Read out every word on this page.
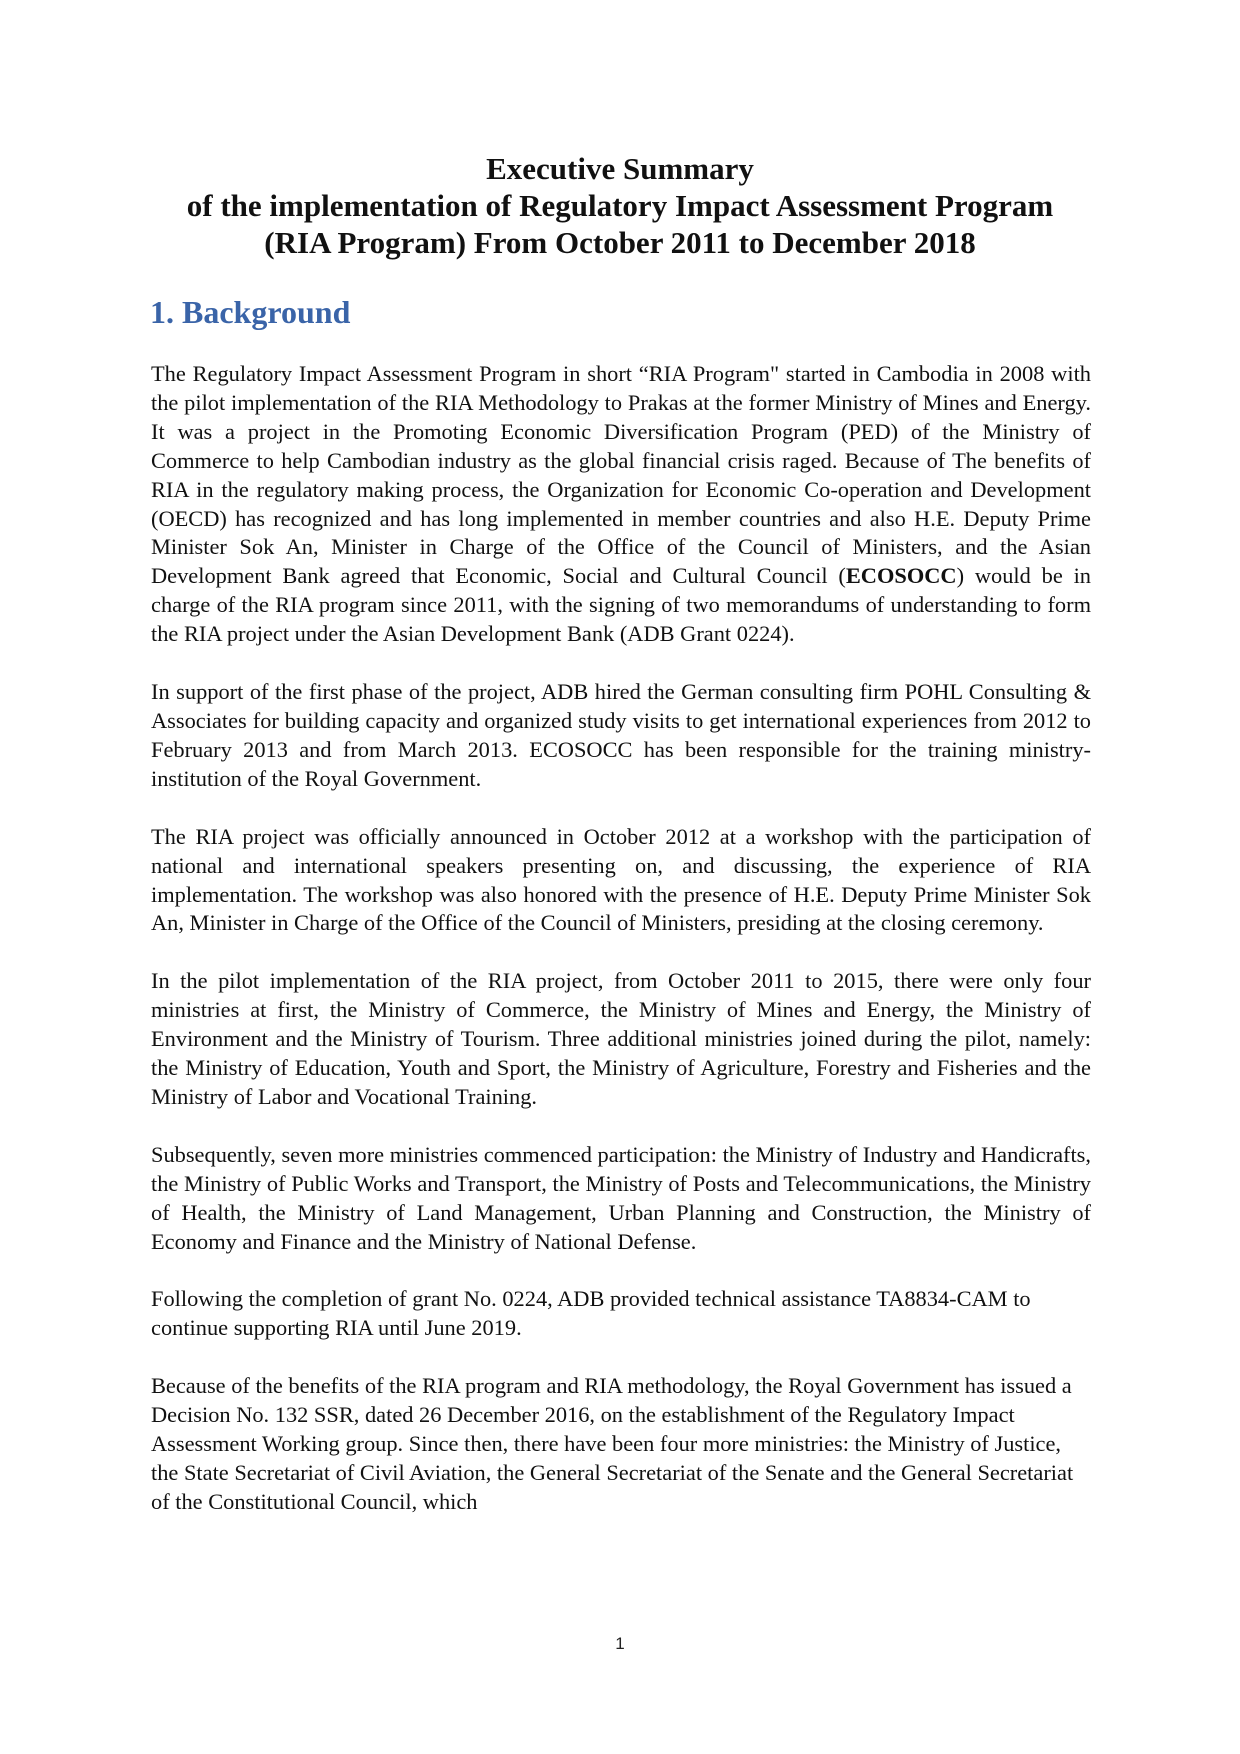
Executive Summary
of the implementation of Regulatory Impact Assessment Program
(RIA Program) From October 2011 to December 2018
1. Background

The Regulatory Impact Assessment Program in short “RIA Program" started in Cambodia in 2008 with the pilot implementation of the RIA Methodology to Prakas at the former Ministry of Mines and Energy. It was a project in the Promoting Economic Diversification Program (PED) of the Ministry of Commerce to help Cambodian industry as the global financial crisis raged. Because of The benefits of RIA in the regulatory making process, the Organization for Economic Co-operation and Development (OECD) has recognized and has long implemented in member countries and also H.E. Deputy Prime Minister Sok An, Minister in Charge of the Office of the Council of Ministers, and the Asian Development Bank agreed that Economic, Social and Cultural Council (ECOSOCC) would be in charge of the RIA program since 2011, with the signing of two memorandums of understanding to form the RIA project under the Asian Development Bank (ADB Grant 0224).

In support of the first phase of the project, ADB hired the German consulting firm POHL Consulting & Associates for building capacity and organized study visits to get international experiences from 2012 to February 2013 and from March 2013. ECOSOCC has been responsible for the training ministry-institution of the Royal Government.

The RIA project was officially announced in October 2012 at a workshop with the participation of national and international speakers presenting on, and discussing, the experience of RIA implementation. The workshop was also honored with the presence of H.E. Deputy Prime Minister Sok An, Minister in Charge of the Office of the Council of Ministers, presiding at the closing ceremony.

In the pilot implementation of the RIA project, from October 2011 to 2015, there were only four ministries at first, the Ministry of Commerce, the Ministry of Mines and Energy, the Ministry of Environment and the Ministry of Tourism. Three additional ministries joined during the pilot, namely: the Ministry of Education, Youth and Sport, the Ministry of Agriculture, Forestry and Fisheries and the Ministry of Labor and Vocational Training.

Subsequently, seven more ministries commenced participation: the Ministry of Industry and Handicrafts, the Ministry of Public Works and Transport, the Ministry of Posts and Telecommunications, the Ministry of Health, the Ministry of Land Management, Urban Planning and Construction, the Ministry of Economy and Finance and the Ministry of National Defense.

Following the completion of grant No. 0224, ADB provided technical assistance TA8834-CAM to continue supporting RIA until June 2019.

Because of the benefits of the RIA program and RIA methodology, the Royal Government has issued a Decision No. 132 SSR, dated 26 December 2016, on the establishment of the Regulatory Impact Assessment Working group. Since then, there have been four more ministries: the Ministry of Justice, the State Secretariat of Civil Aviation, the General Secretariat of the Senate and the General Secretariat of the Constitutional Council, which

1
